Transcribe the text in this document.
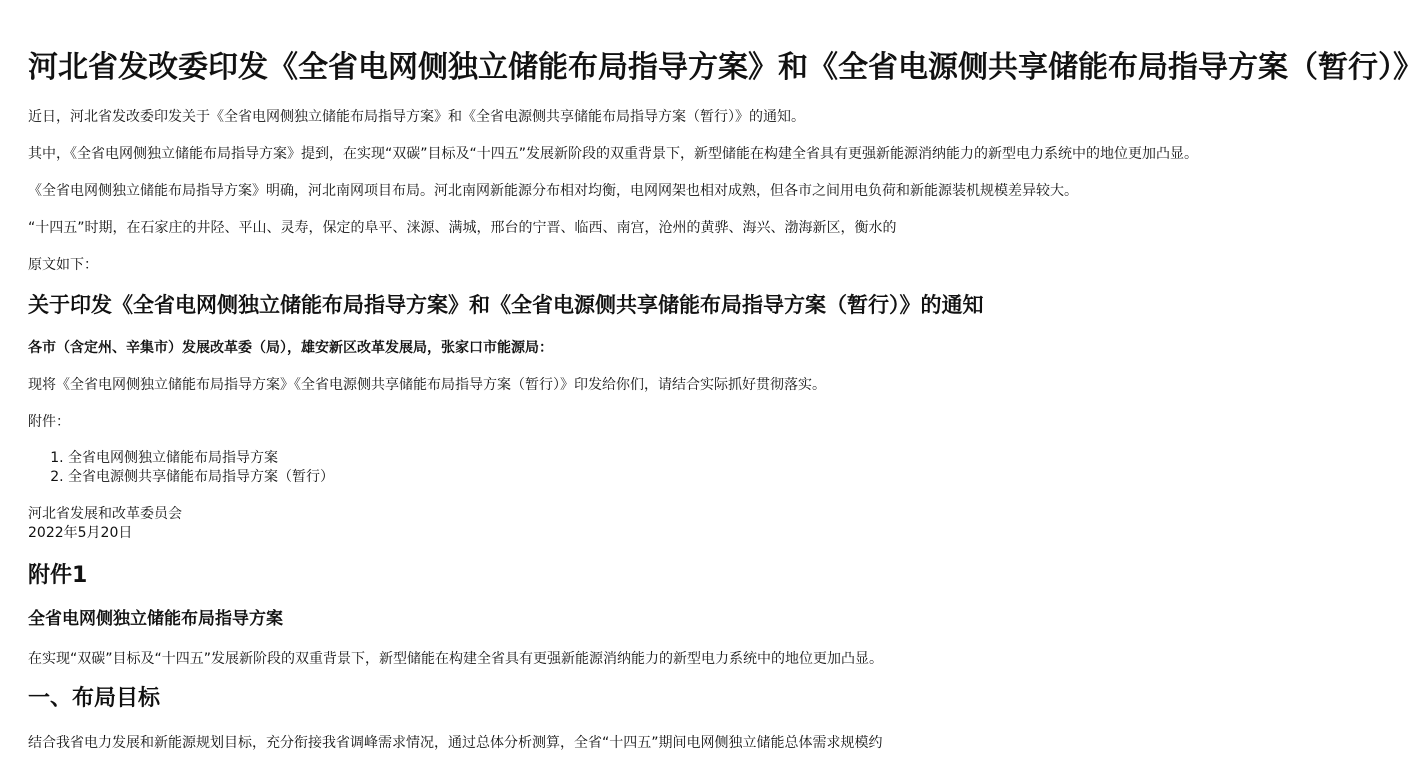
河北省发改委印发《全省电网侧独立储能布局指导方案》和《全省电源侧共享储能布局指导方案（暂行）》

近日，河北省发改委印发关于《全省电网侧独立储能布局指导方案》和《全省电源侧共享储能布局指导方案（暂行）》的通知。

其中，《全省电网侧独立储能布局指导方案》提到，在实现“双碳”目标及“十四五”发展新阶段的双重背景下，新型储能在构建全省具有更强新能源消纳能力的新型电力系统中的地位更加凸显。

《全省电网侧独立储能布局指导方案》明确，河北南网项目布局。河北南网新能源分布相对均衡，电网网架也相对成熟，但各市之间用电负荷和新能源装机规模差异较大。

“十四五”时期，在石家庄的井陉、平山、灵寿，保定的阜平、涞源、满城，邢台的宁晋、临西、南宫，沧州的黄骅、海兴、渤海新区，衡水的

原文如下：

关于印发《全省电网侧独立储能布局指导方案》和《全省电源侧共享储能布局指导方案（暂行）》的通知

各市（含定州、辛集市）发展改革委（局），雄安新区改革发展局，张家口市能源局：

现将《全省电网侧独立储能布局指导方案》《全省电源侧共享储能布局指导方案（暂行）》印发给你们，请结合实际抓好贯彻落实。

附件：

1. 全省电网侧独立储能布局指导方案
2. 全省电源侧共享储能布局指导方案（暂行）
河北省发展和改革委员会
2022年5月20日
附件1
全省电网侧独立储能布局指导方案

在实现“双碳”目标及“十四五”发展新阶段的双重背景下，新型储能在构建全省具有更强新能源消纳能力的新型电力系统中的地位更加凸显。

一、布局目标

结合我省电力发展和新能源规划目标，充分衔接我省调峰需求情况，通过总体分析测算，全省“十四五”期间电网侧独立储能总体需求规模约
